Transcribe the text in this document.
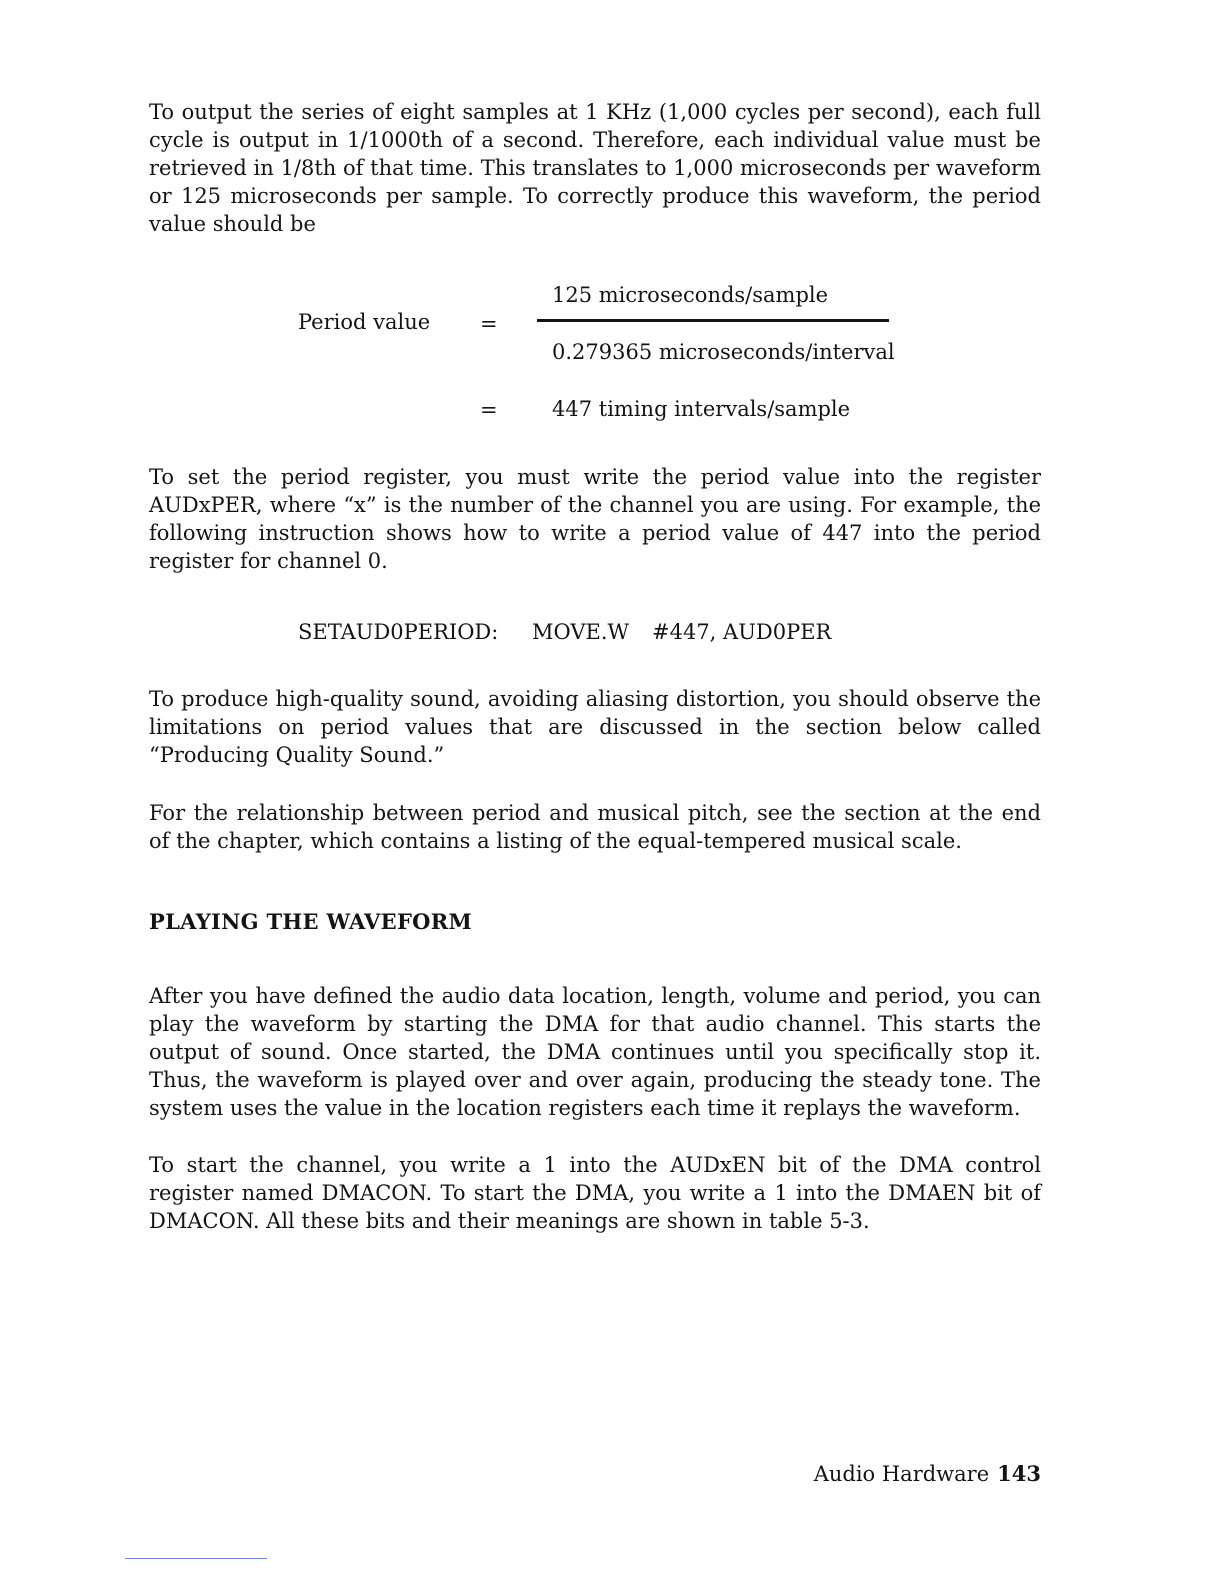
To output the series of eight samples at 1 KHz (1,000 cycles per second), each full cycle is output in 1/1000th of a second. Therefore, each individual value must be retrieved in 1/8th of that time. This translates to 1,000 microseconds per waveform or 125 microseconds per sample. To correctly produce this waveform, the period value should be

Period value =
125 microseconds/sample
0.279365 microseconds/interval
=	447 timing intervals/sample

To set the period register, you must write the period value into the register AUDxPER, where “x” is the number of the channel you are using. For example, the following instruction shows how to write a period value of 447 into the period register for channel 0.

SETAUD0PERIOD: MOVE.W #447, AUD0PER

To produce high-quality sound, avoiding aliasing distortion, you should observe the limitations on period values that are discussed in the section below called “Producing Quality Sound.”

For the relationship between period and musical pitch, see the section at the end of the chapter, which contains a listing of the equal-tempered musical scale.

PLAYING THE WAVEFORM

After you have defined the audio data location, length, volume and period, you can play the waveform by starting the DMA for that audio channel. This starts the output of sound. Once started, the DMA continues until you specifically stop it. Thus, the waveform is played over and over again, producing the steady tone. The system uses the value in the location registers each time it replays the waveform.

To start the channel, you write a 1 into the AUDxEN bit of the DMA control register named DMACON. To start the DMA, you write a 1 into the DMAEN bit of DMACON. All these bits and their meanings are shown in table 5-3.

Audio Hardware 143
